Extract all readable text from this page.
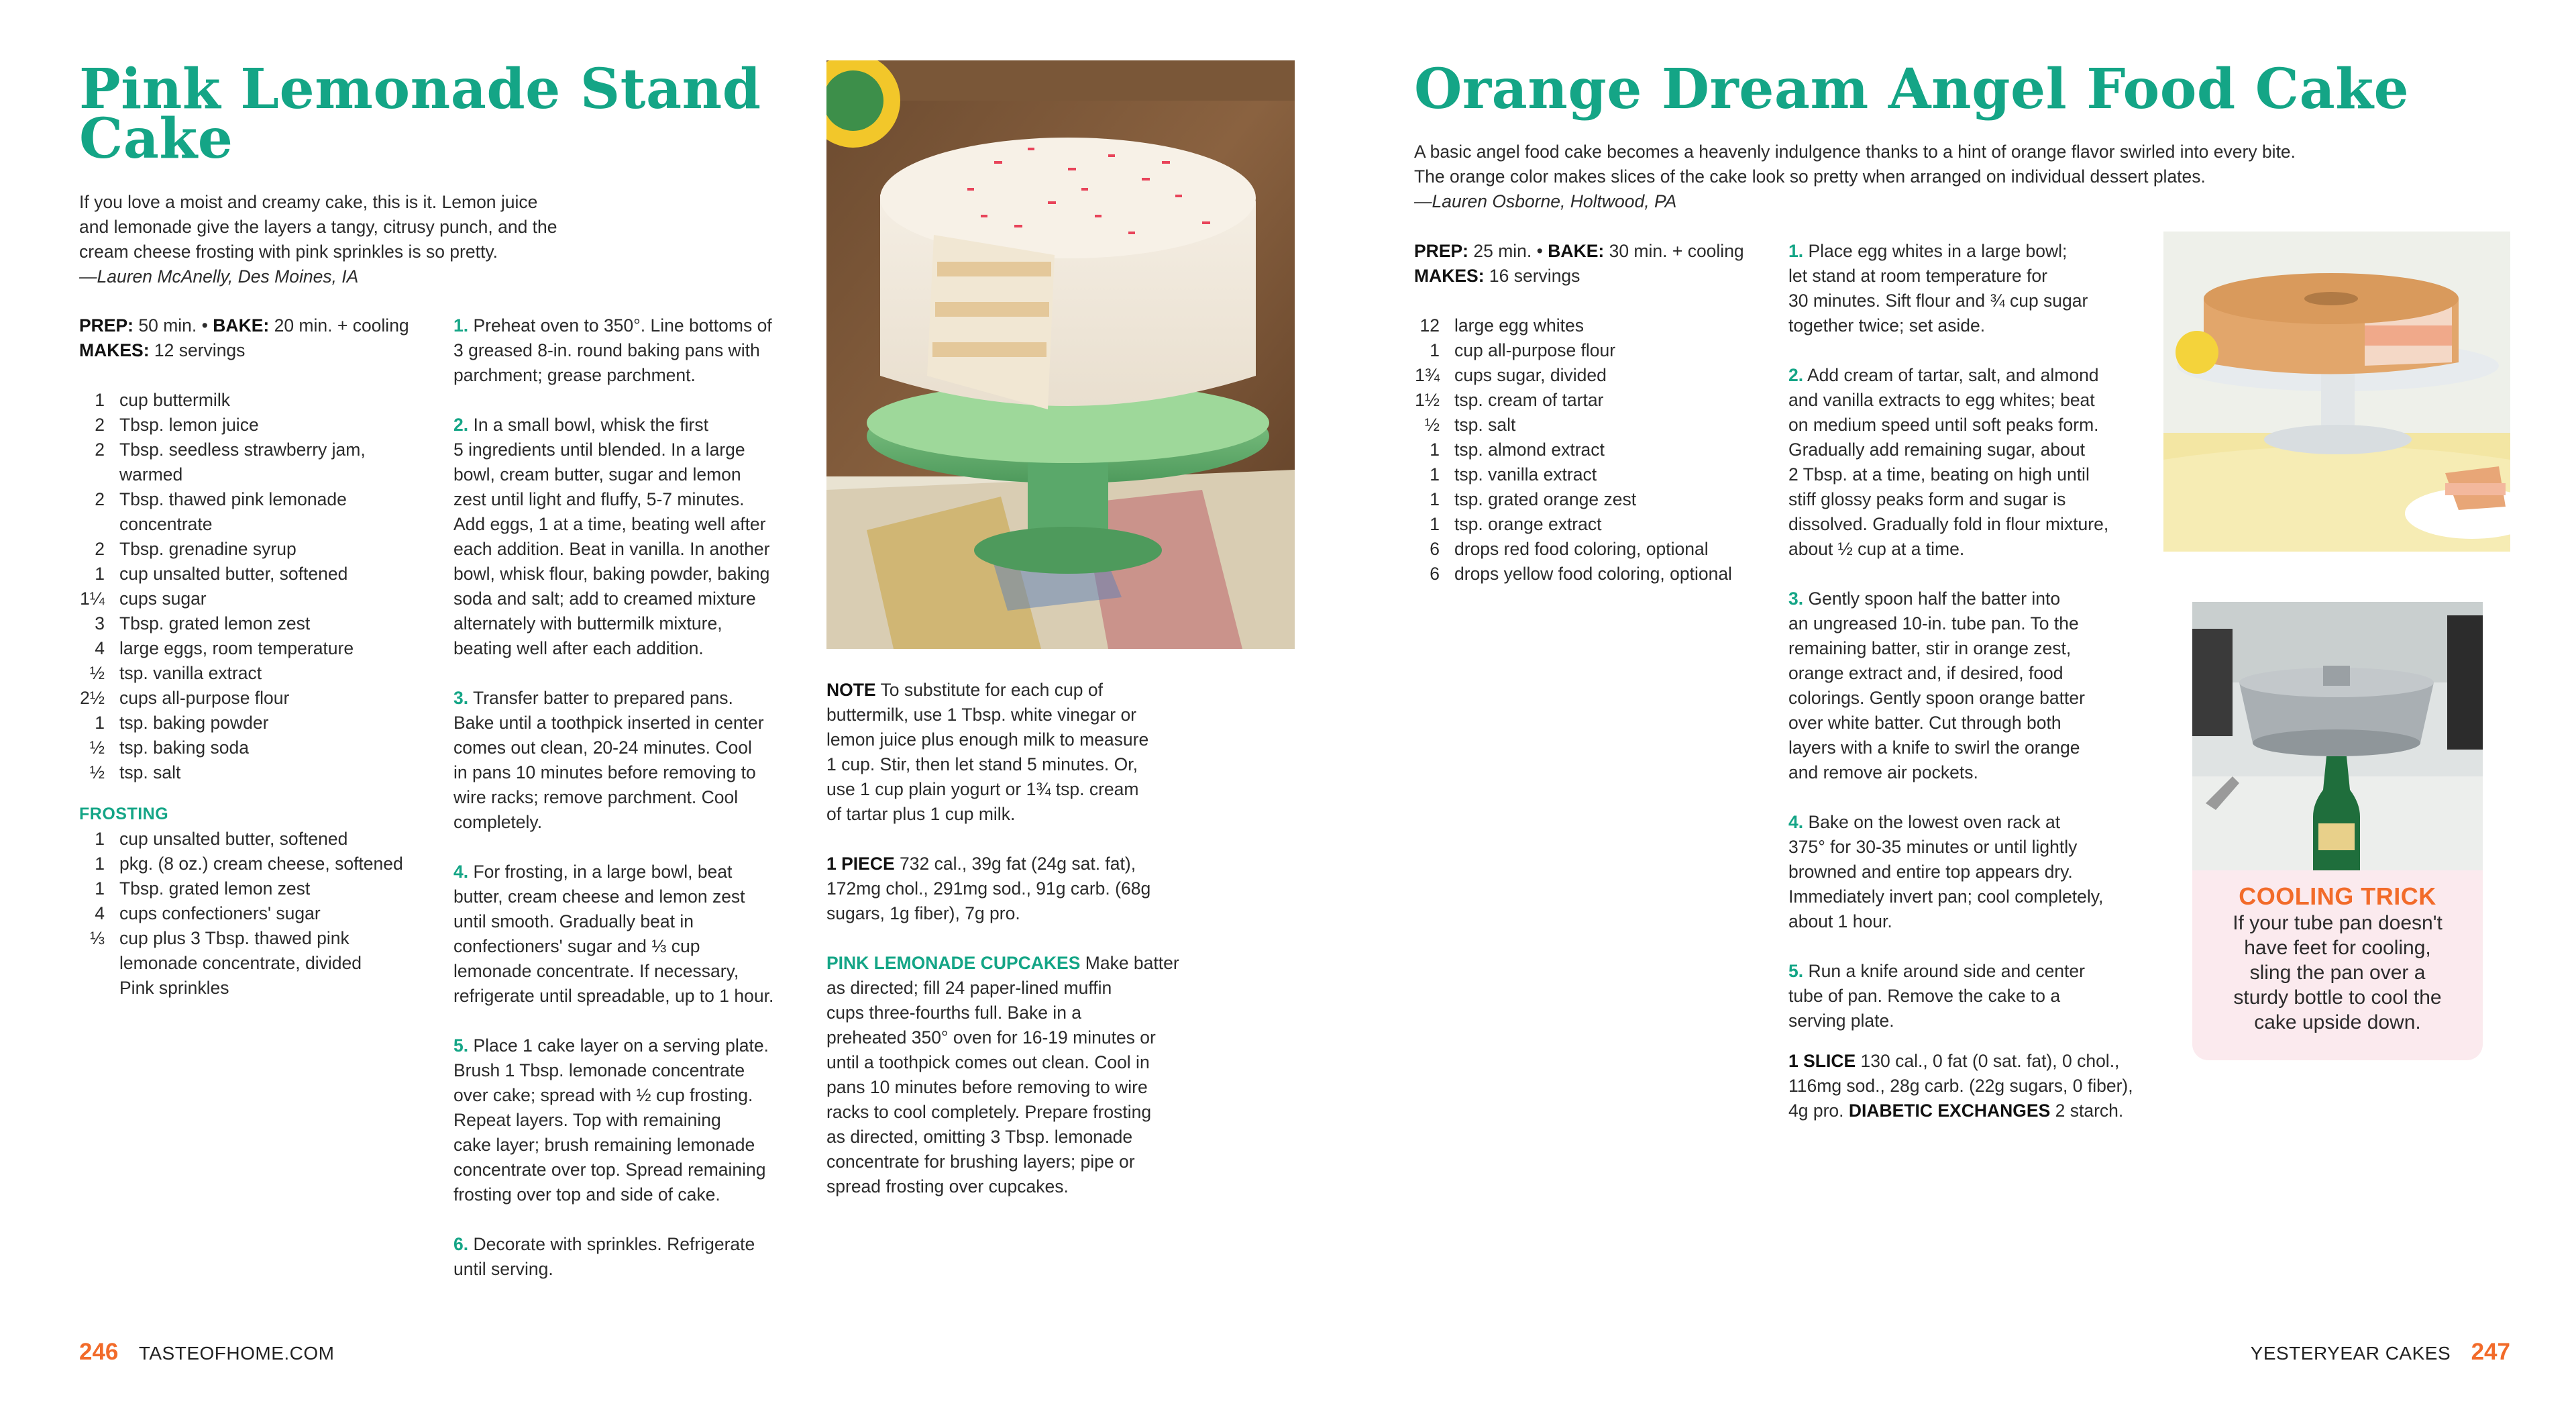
Pink Lemonade Stand
Cake
If you love a moist and creamy cake, this is it. Lemon juice
and lemonade give the layers a tangy, citrusy punch, and the
cream cheese frosting with pink sprinkles is so pretty.
—Lauren McAnelly, Des Moines, IA
PREP: 50 min. • BAKE: 20 min. + cooling
MAKES: 12 servings
1 cup buttermilk
2 Tbsp. lemon juice
2 Tbsp. seedless strawberry jam,
warmed
2 Tbsp. thawed pink lemonade
concentrate
2 Tbsp. grenadine syrup
1 cup unsalted butter, softened
1¼ cups sugar
3 Tbsp. grated lemon zest
4 large eggs, room temperature
½ tsp. vanilla extract
2½ cups all-purpose flour
1 tsp. baking powder
½ tsp. baking soda
½ tsp. salt
FROSTING
1 cup unsalted butter, softened
1 pkg. (8 oz.) cream cheese, softened
1 Tbsp. grated lemon zest
4 cups confectioners' sugar
⅓ cup plus 3 Tbsp. thawed pink
lemonade concentrate, divided
Pink sprinkles

1. Preheat oven to 350°. Line bottoms of
3 greased 8-in. round baking pans with
parchment; grease parchment.

2. In a small bowl, whisk the first
5 ingredients until blended. In a large
bowl, cream butter, sugar and lemon
zest until light and fluffy, 5-7 minutes.
Add eggs, 1 at a time, beating well after
each addition. Beat in vanilla. In another
bowl, whisk flour, baking powder, baking
soda and salt; add to creamed mixture
alternately with buttermilk mixture,
beating well after each addition.

3. Transfer batter to prepared pans.
Bake until a toothpick inserted in center
comes out clean, 20-24 minutes. Cool
in pans 10 minutes before removing to
wire racks; remove parchment. Cool
completely.

4. For frosting, in a large bowl, beat
butter, cream cheese and lemon zest
until smooth. Gradually beat in
confectioners' sugar and ⅓ cup
lemonade concentrate. If necessary,
refrigerate until spreadable, up to 1 hour.

5. Place 1 cake layer on a serving plate.
Brush 1 Tbsp. lemonade concentrate
over cake; spread with ½ cup frosting.
Repeat layers. Top with remaining
cake layer; brush remaining lemonade
concentrate over top. Spread remaining
frosting over top and side of cake.

6. Decorate with sprinkles. Refrigerate
until serving.

NOTE To substitute for each cup of
buttermilk, use 1 Tbsp. white vinegar or
lemon juice plus enough milk to measure
1 cup. Stir, then let stand 5 minutes. Or,
use 1 cup plain yogurt or 1¾ tsp. cream
of tartar plus 1 cup milk.

1 PIECE 732 cal., 39g fat (24g sat. fat),
172mg chol., 291mg sod., 91g carb. (68g
sugars, 1g fiber), 7g pro.

PINK LEMONADE CUPCAKES Make batter
as directed; fill 24 paper-lined muffin
cups three-fourths full. Bake in a
preheated 350° oven for 16-19 minutes or
until a toothpick comes out clean. Cool in
pans 10 minutes before removing to wire
racks to cool completely. Prepare frosting
as directed, omitting 3 Tbsp. lemonade
concentrate for brushing layers; pipe or
spread frosting over cupcakes.

246 TASTEOFHOME.COM
Orange Dream Angel Food Cake
A basic angel food cake becomes a heavenly indulgence thanks to a hint of orange flavor swirled into every bite.
The orange color makes slices of the cake look so pretty when arranged on individual dessert plates.
—Lauren Osborne, Holtwood, PA
PREP: 25 min. • BAKE: 30 min. + cooling
MAKES: 16 servings
12 large egg whites
1 cup all-purpose flour
1¾ cups sugar, divided
1½ tsp. cream of tartar
½ tsp. salt
1 tsp. almond extract
1 tsp. vanilla extract
1 tsp. grated orange zest
1 tsp. orange extract
6 drops red food coloring, optional
6 drops yellow food coloring, optional

1. Place egg whites in a large bowl;
let stand at room temperature for
30 minutes. Sift flour and ¾ cup sugar
together twice; set aside.

2. Add cream of tartar, salt, and almond
and vanilla extracts to egg whites; beat
on medium speed until soft peaks form.
Gradually add remaining sugar, about
2 Tbsp. at a time, beating on high until
stiff glossy peaks form and sugar is
dissolved. Gradually fold in flour mixture,
about ½ cup at a time.

3. Gently spoon half the batter into
an ungreased 10-in. tube pan. To the
remaining batter, stir in orange zest,
orange extract and, if desired, food
colorings. Gently spoon orange batter
over white batter. Cut through both
layers with a knife to swirl the orange
and remove air pockets.

4. Bake on the lowest oven rack at
375° for 30-35 minutes or until lightly
browned and entire top appears dry.
Immediately invert pan; cool completely,
about 1 hour.

5. Run a knife around side and center
tube of pan. Remove the cake to a
serving plate.

1 SLICE 130 cal., 0 fat (0 sat. fat), 0 chol.,
116mg sod., 28g carb. (22g sugars, 0 fiber),
4g pro. DIABETIC EXCHANGES 2 starch.

COOLING TRICK

If your tube pan doesn't

have feet for cooling,

sling the pan over a

sturdy bottle to cool the

cake upside down.

YESTERYEAR CAKES 247
